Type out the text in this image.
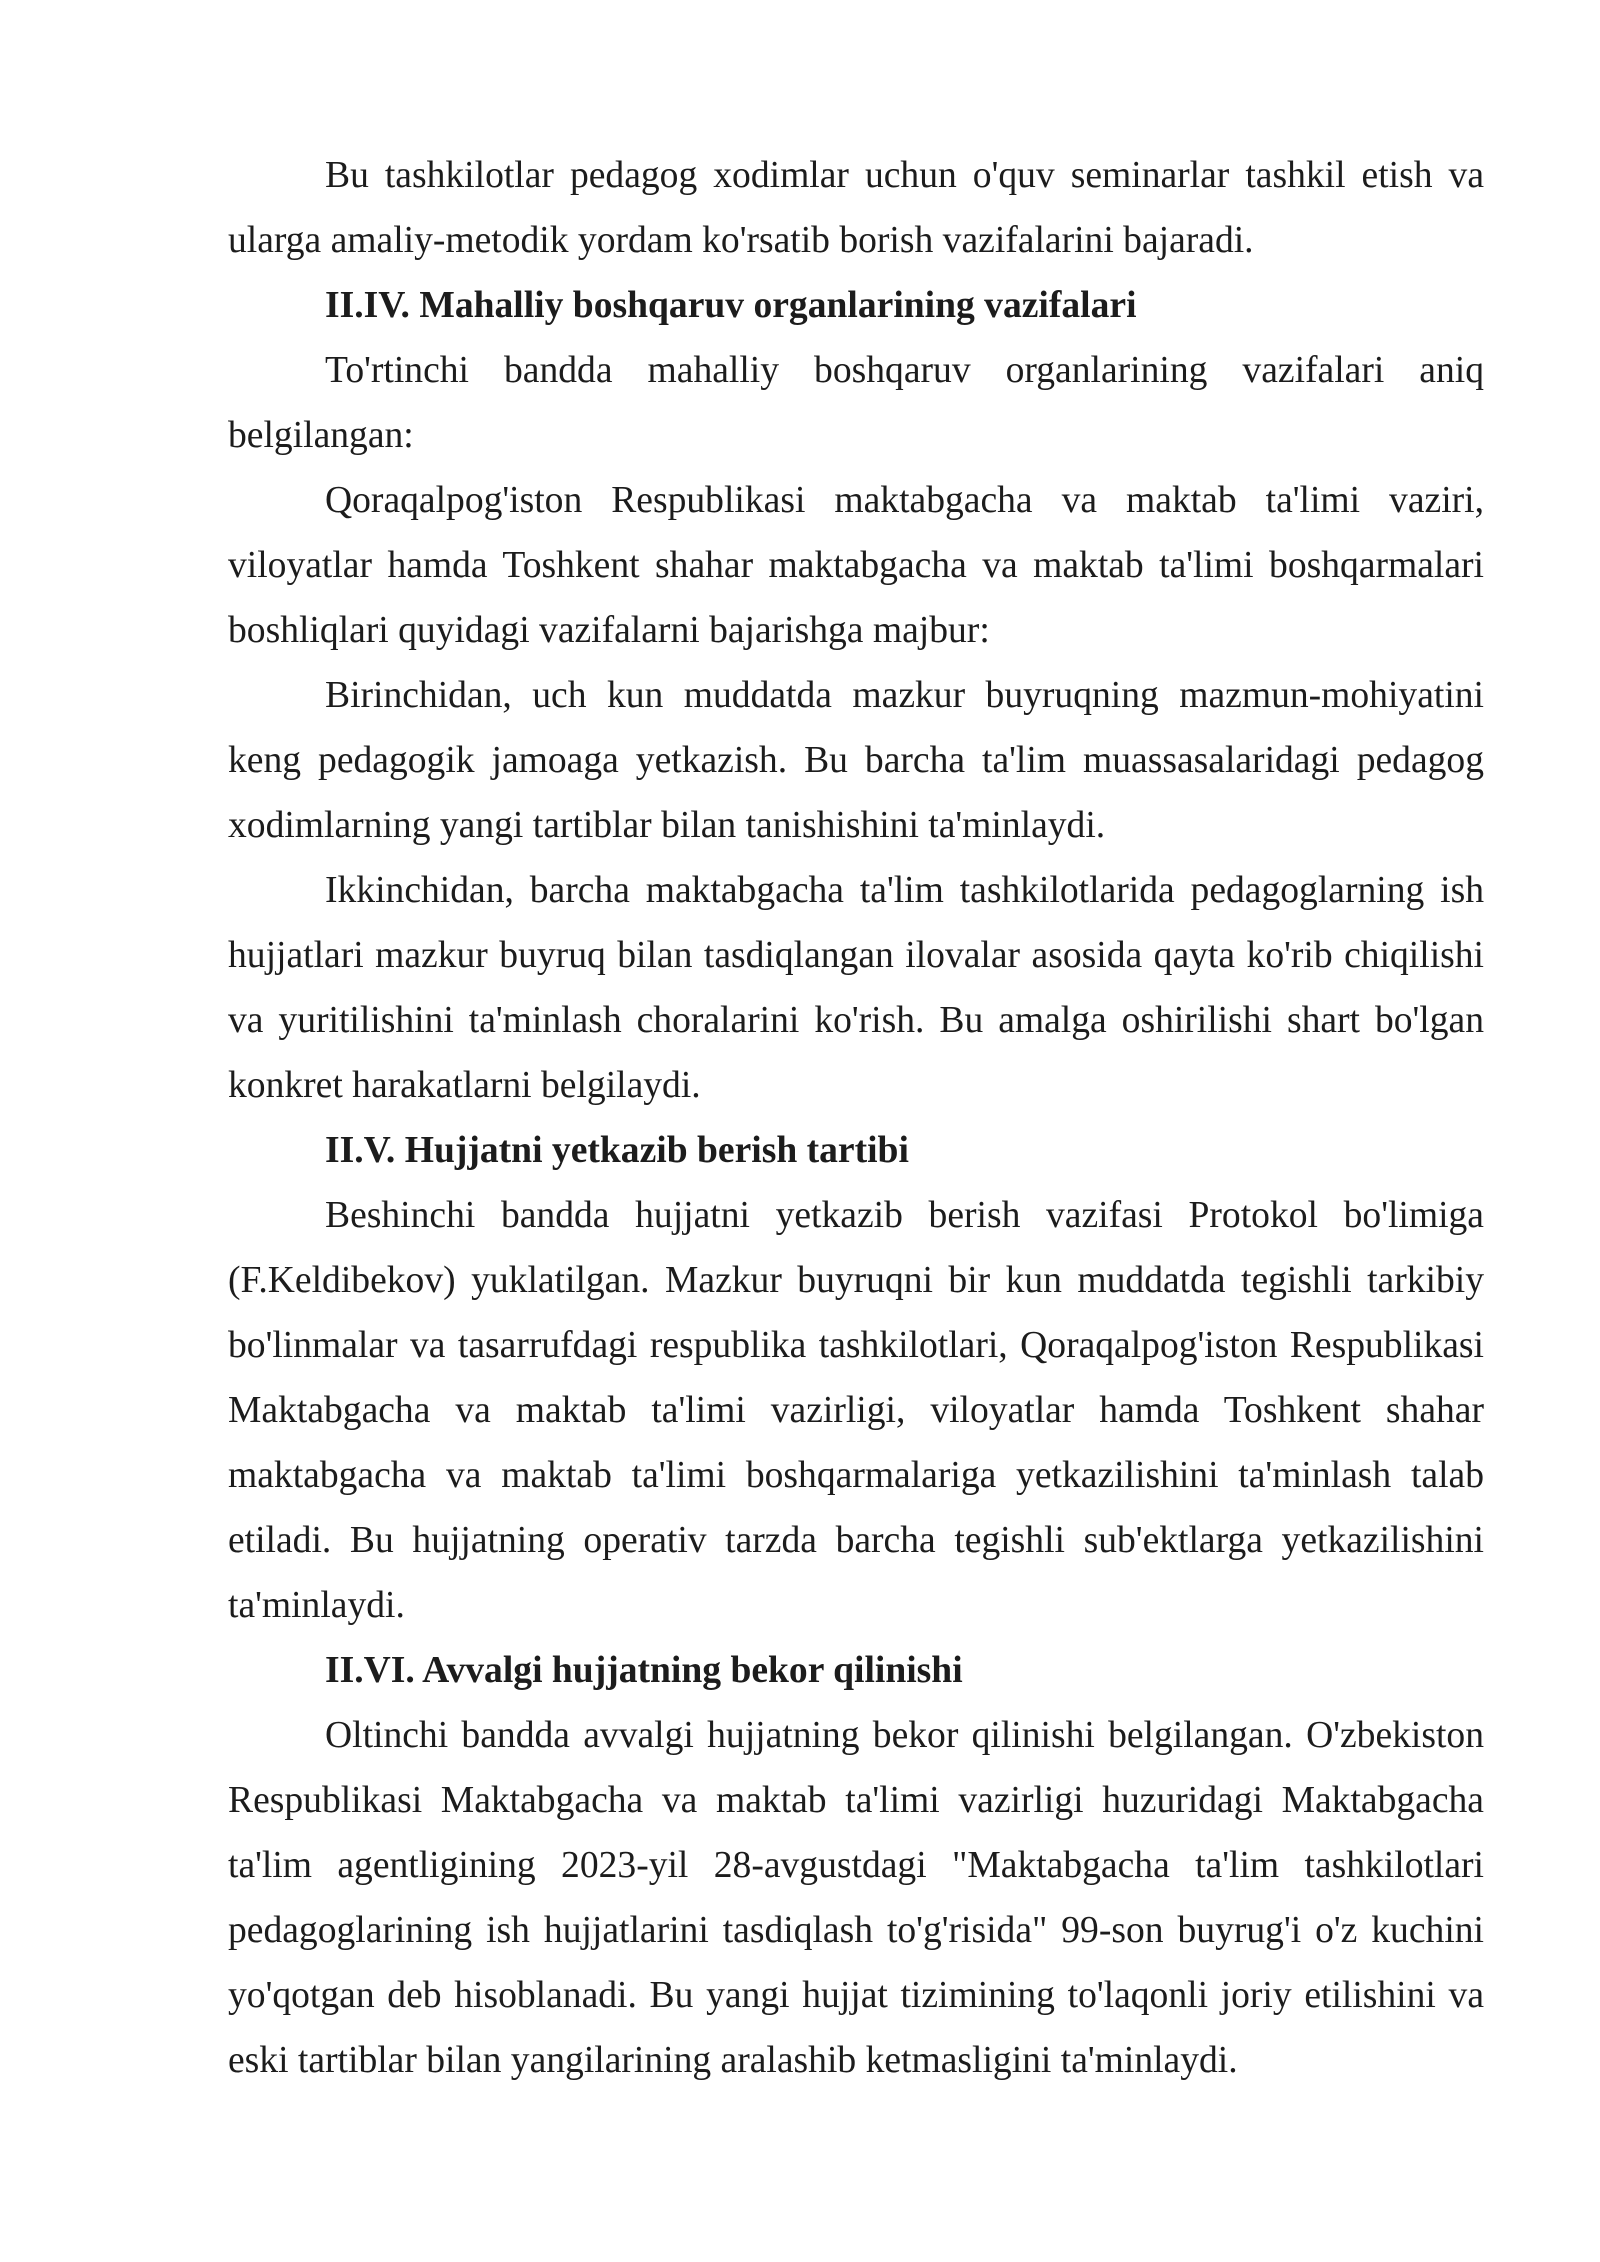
Bu tashkilotlar pedagog xodimlar uchun o'quv seminarlar tashkil etish va
ularga amaliy-metodik yordam ko'rsatib borish vazifalarini bajaradi.
II.IV. Mahalliy boshqaruv organlarining vazifalari
To'rtinchi bandda mahalliy boshqaruv organlarining vazifalari aniq
belgilangan:
Qoraqalpog'iston Respublikasi maktabgacha va maktab ta'limi vaziri,
viloyatlar hamda Toshkent shahar maktabgacha va maktab ta'limi boshqarmalari
boshliqlari quyidagi vazifalarni bajarishga majbur:
Birinchidan, uch kun muddatda mazkur buyruqning mazmun-mohiyatini
keng pedagogik jamoaga yetkazish. Bu barcha ta'lim muassasalaridagi pedagog
xodimlarning yangi tartiblar bilan tanishishini ta'minlaydi.
Ikkinchidan, barcha maktabgacha ta'lim tashkilotlarida pedagoglarning ish
hujjatlari mazkur buyruq bilan tasdiqlangan ilovalar asosida qayta ko'rib chiqilishi
va yuritilishini ta'minlash choralarini ko'rish. Bu amalga oshirilishi shart bo'lgan
konkret harakatlarni belgilaydi.
II.V. Hujjatni yetkazib berish tartibi
Beshinchi bandda hujjatni yetkazib berish vazifasi Protokol bo'limiga
(F.Keldibekov) yuklatilgan. Mazkur buyruqni bir kun muddatda tegishli tarkibiy
bo'linmalar va tasarrufdagi respublika tashkilotlari, Qoraqalpog'iston Respublikasi
Maktabgacha va maktab ta'limi vazirligi, viloyatlar hamda Toshkent shahar
maktabgacha va maktab ta'limi boshqarmalariga yetkazilishini ta'minlash talab
etiladi. Bu hujjatning operativ tarzda barcha tegishli sub'ektlarga yetkazilishini
ta'minlaydi.
II.VI. Avvalgi hujjatning bekor qilinishi
Oltinchi bandda avvalgi hujjatning bekor qilinishi belgilangan. O'zbekiston
Respublikasi Maktabgacha va maktab ta'limi vazirligi huzuridagi Maktabgacha
ta'lim agentligining 2023-yil 28-avgustdagi "Maktabgacha ta'lim tashkilotlari
pedagoglarining ish hujjatlarini tasdiqlash to'g'risida" 99-son buyrug'i o'z kuchini
yo'qotgan deb hisoblanadi. Bu yangi hujjat tizimining to'laqonli joriy etilishini va
eski tartiblar bilan yangilarining aralashib ketmasligini ta'minlaydi.
